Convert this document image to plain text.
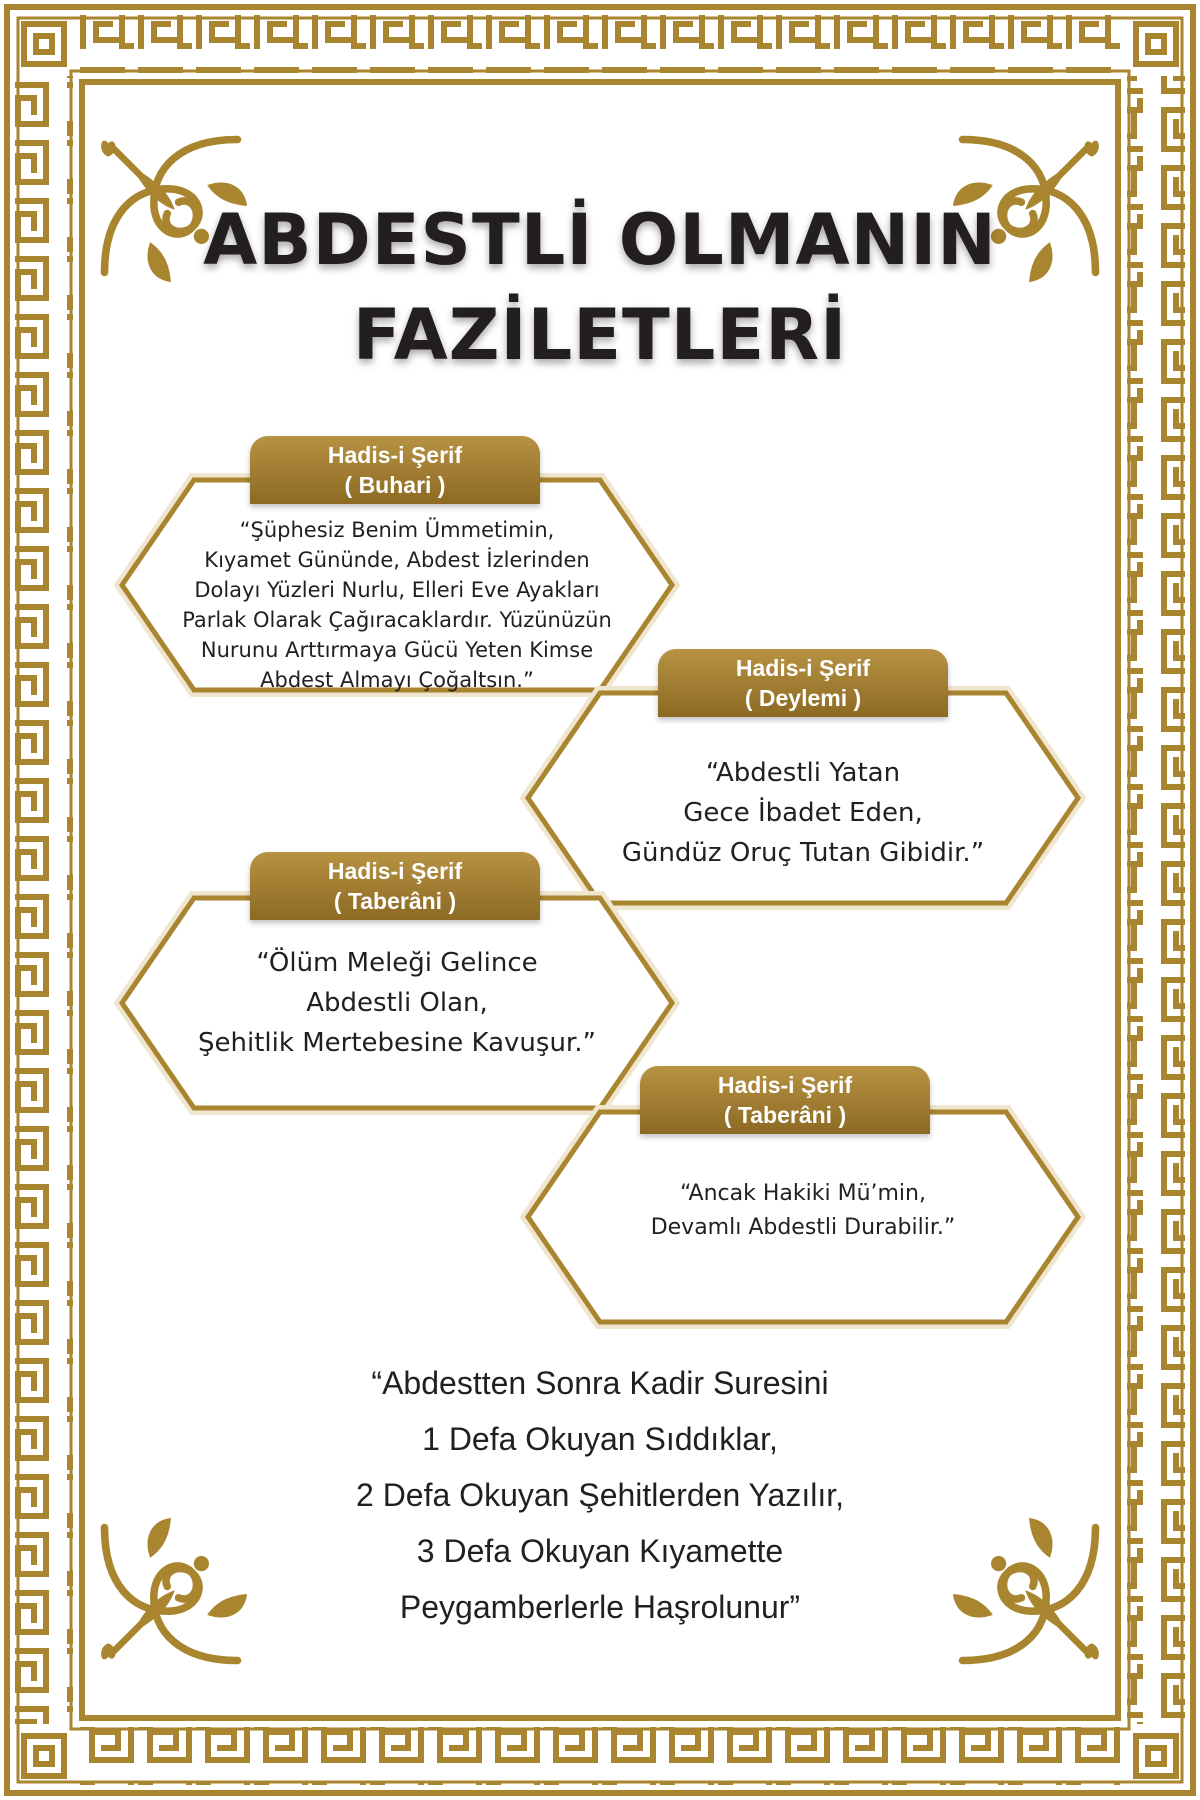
ABDESTLİ OLMANIN
FAZİLETLERİ
Hadis-i Şerif
( Buhari )
“Şüphesiz Benim Ümmetimin,
Kıyamet Gününde, Abdest İzlerinden
Dolayı Yüzleri Nurlu, Elleri Eve Ayakları
Parlak Olarak Çağıracaklardır. Yüzünüzün
Nurunu Arttırmaya Gücü Yeten Kimse
Abdest Almayı Çoğaltsın.”	Hadis-i Şerif
( Deylemi )
“Abdestli Yatan
Gece İbadet Eden,
Gündüz Oruç Tutan Gibidir.”
Hadis-i Şerif
( Taberâni )
“Ölüm Meleği Gelince
Abdestli Olan,
Şehitlik Mertebesine Kavuşur.”
Hadis-i Şerif
( Taberâni )
“Ancak Hakiki Mü’min,
Devamlı Abdestli Durabilir.”
“Abdestten Sonra Kadir Suresini
1 Defa Okuyan Sıddıklar,
2 Defa Okuyan Şehitlerden Yazılır,
3 Defa Okuyan Kıyamette
Peygamberlerle Haşrolunur”
